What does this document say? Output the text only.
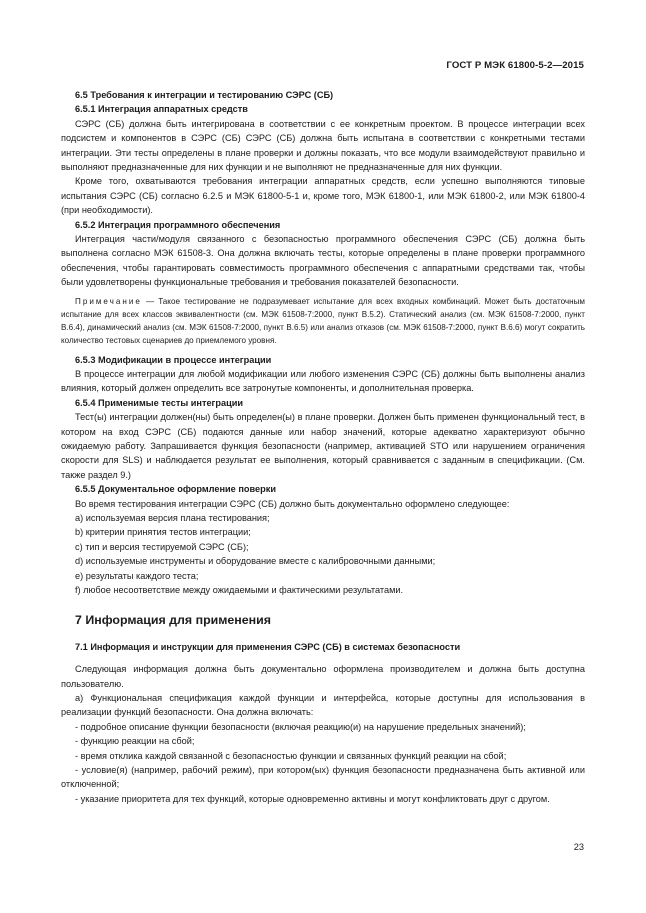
ГОСТ Р МЭК 61800-5-2—2015

6.5 Требования к интеграции и тестированию СЭРС (СБ)

6.5.1 Интеграция аппаратных средств

СЭРС (СБ) должна быть интегрирована в соответствии с ее конкретным проектом. В процессе интеграции всех подсистем и компонентов в СЭРС (СБ) СЭРС (СБ) должна быть испытана в соответствии с конкретными тестами интеграции. Эти тесты определены в плане проверки и должны показать, что все модули взаимодействуют правильно и выполняют предназначенные для них функции и не выполняют не предназначенные для них функции.

Кроме того, охватываются требования интеграции аппаратных средств, если успешно выполняются типовые испытания СЭРС (СБ) согласно 6.2.5 и МЭК 61800-5-1 и, кроме того, МЭК 61800-1, или МЭК 61800-2, или МЭК 61800-4 (при необходимости).

6.5.2 Интеграция программного обеспечения

Интеграция части/модуля связанного с безопасностью программного обеспечения СЭРС (СБ) должна быть выполнена согласно МЭК 61508-3. Она должна включать тесты, которые определены в плане проверки программного обеспечения, чтобы гарантировать совместимость программного обеспечения с аппаратными средствами так, чтобы были удовлетворены функциональные требования и требования показателей безопасности.

Примечание — Такое тестирование не подразумевает испытание для всех входных комбинаций. Может быть достаточным испытание для всех классов эквивалентности (см. МЭК 61508-7:2000, пункт В.5.2). Статический анализ (см. МЭК 61508-7:2000, пункт В.6.4), динамический анализ (см. МЭК 61508-7:2000, пункт В.6.5) или анализ отказов (см. МЭК 61508-7:2000, пункт В.6.6) могут сократить количество тестовых сценариев до приемлемого уровня.

6.5.3 Модификации в процессе интеграции

В процессе интеграции для любой модификации или любого изменения СЭРС (СБ) должны быть выполнены анализ влияния, который должен определить все затронутые компоненты, и дополнительная проверка.

6.5.4 Применимые тесты интеграции

Тест(ы) интеграции должен(ны) быть определен(ы) в плане проверки. Должен быть применен функциональный тест, в котором на вход СЭРС (СБ) подаются данные или набор значений, которые адекватно характеризуют обычно ожидаемую работу. Запрашивается функция безопасности (например, активацией STO или нарушением ограничения скорости для SLS) и наблюдается результат ее выполнения, который сравнивается с заданным в спецификации. (См. также раздел 9.)

6.5.5 Документальное оформление поверки

Во время тестирования интеграции СЭРС (СБ) должно быть документально оформлено следующее:

а) используемая версия плана тестирования;

b) критерии принятия тестов интеграции;

c) тип и версия тестируемой СЭРС (СБ);

d) используемые инструменты и оборудование вместе с калибровочными данными;

e) результаты каждого теста;

f) любое несоответствие между ожидаемыми и фактическими результатами.

7 Информация для применения

7.1 Информация и инструкции для применения СЭРС (СБ) в системах безопасности

Следующая информация должна быть документально оформлена производителем и должна быть доступна пользователю.

а) Функциональная спецификация каждой функции и интерфейса, которые доступны для использования в реализации функций безопасности. Она должна включать:

- подробное описание функции безопасности (включая реакцию(и) на нарушение предельных значений);

- функцию реакции на сбой;

- время отклика каждой связанной с безопасностью функции и связанных функций реакции на сбой;

- условие(я) (например, рабочий режим), при котором(ых) функция безопасности предназначена быть активной или отключенной;

- указание приоритета для тех функций, которые одновременно активны и могут конфликтовать друг с другом.

23
